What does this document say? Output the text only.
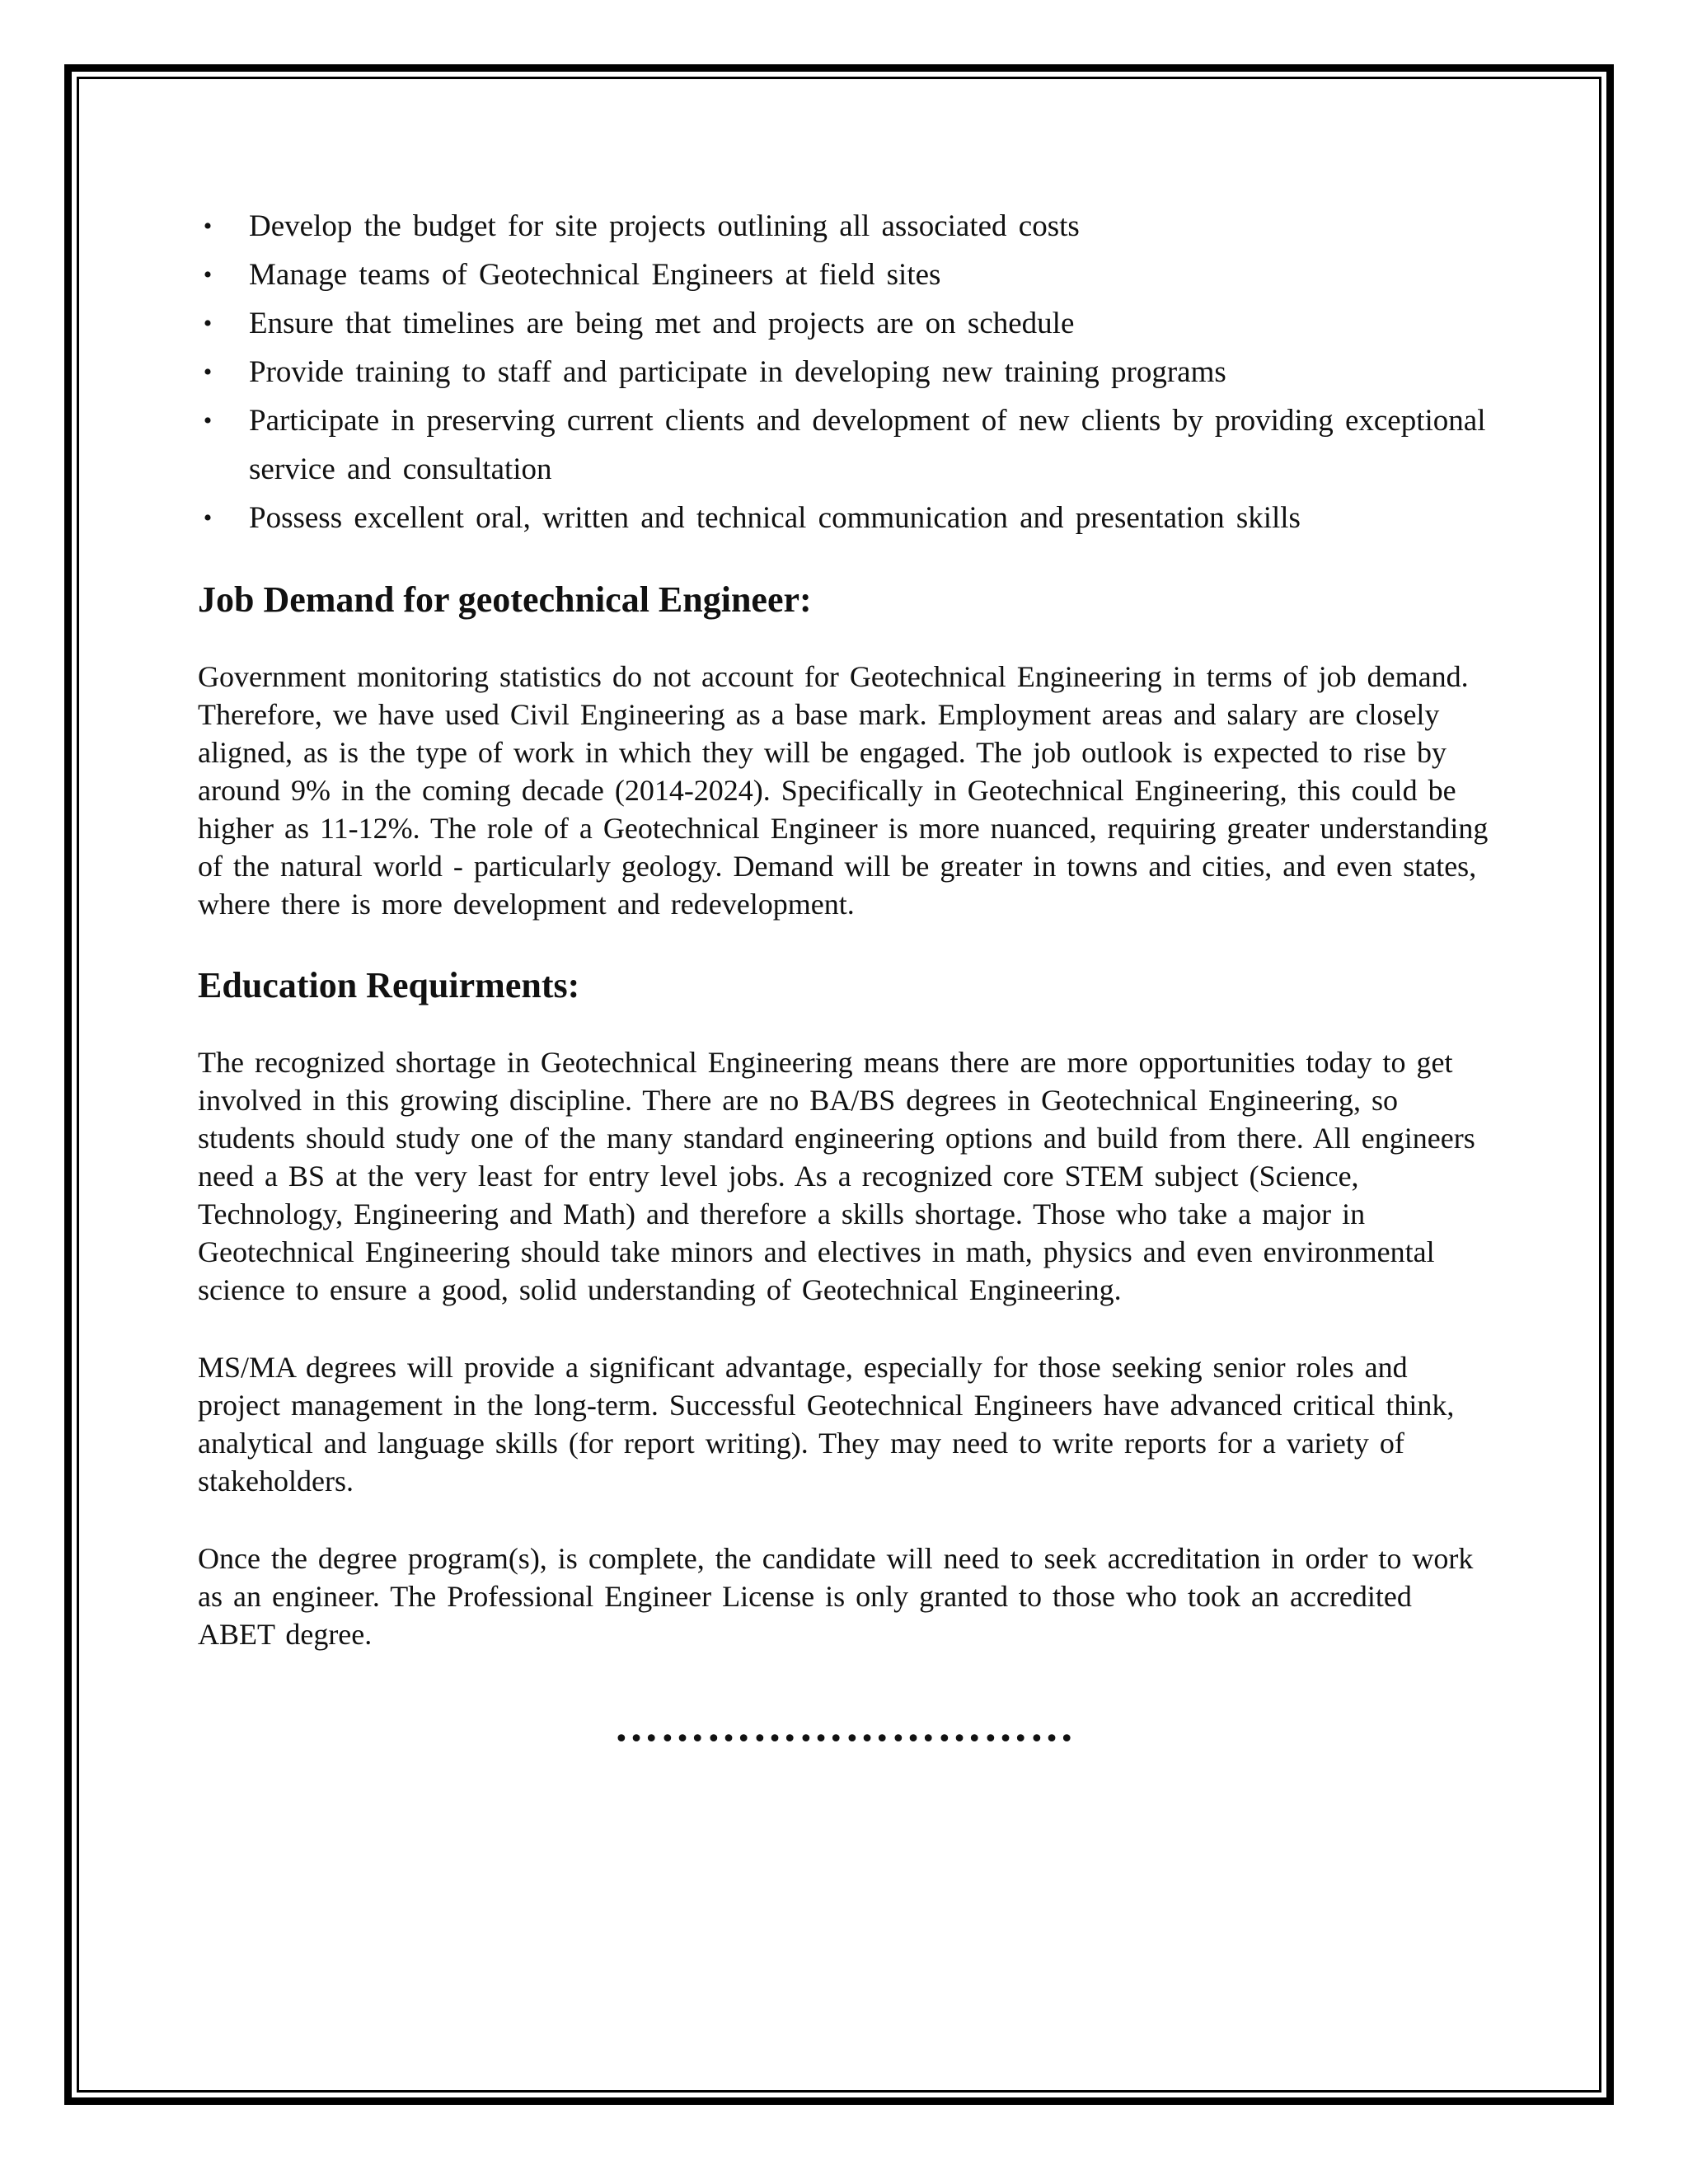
• Develop the budget for site projects outlining all associated costs
• Manage teams of Geotechnical Engineers at field sites
• Ensure that timelines are being met and projects are on schedule
• Provide training to staff and participate in developing new training programs
• Participate in preserving current clients and development of new clients by providing exceptional service and consultation
• Possess excellent oral, written and technical communication and presentation skills
Job Demand for geotechnical Engineer:

Government monitoring statistics do not account for Geotechnical Engineering in terms of job demand. Therefore, we have used Civil Engineering as a base mark. Employment areas and salary are closely aligned, as is the type of work in which they will be engaged. The job outlook is expected to rise by around 9% in the coming decade (2014-2024). Specifically in Geotechnical Engineering, this could be higher as 11-12%. The role of a Geotechnical Engineer is more nuanced, requiring greater understanding of the natural world - particularly geology. Demand will be greater in towns and cities, and even states, where there is more development and redevelopment.

Education Requirments:

The recognized shortage in Geotechnical Engineering means there are more opportunities today to get involved in this growing discipline. There are no BA/BS degrees in Geotechnical Engineering, so students should study one of the many standard engineering options and build from there. All engineers need a BS at the very least for entry level jobs. As a recognized core STEM subject (Science, Technology, Engineering and Math) and therefore a skills shortage. Those who take a major in Geotechnical Engineering should take minors and electives in math, physics and even environmental science to ensure a good, solid understanding of Geotechnical Engineering.

MS/MA degrees will provide a significant advantage, especially for those seeking senior roles and project management in the long-term. Successful Geotechnical Engineers have advanced critical think, analytical and language skills (for report writing). They may need to write reports for a variety of stakeholders.

Once the degree program(s), is complete, the candidate will need to seek accreditation in order to work as an engineer. The Professional Engineer License is only granted to those who took an accredited ABET degree.

…………………………
